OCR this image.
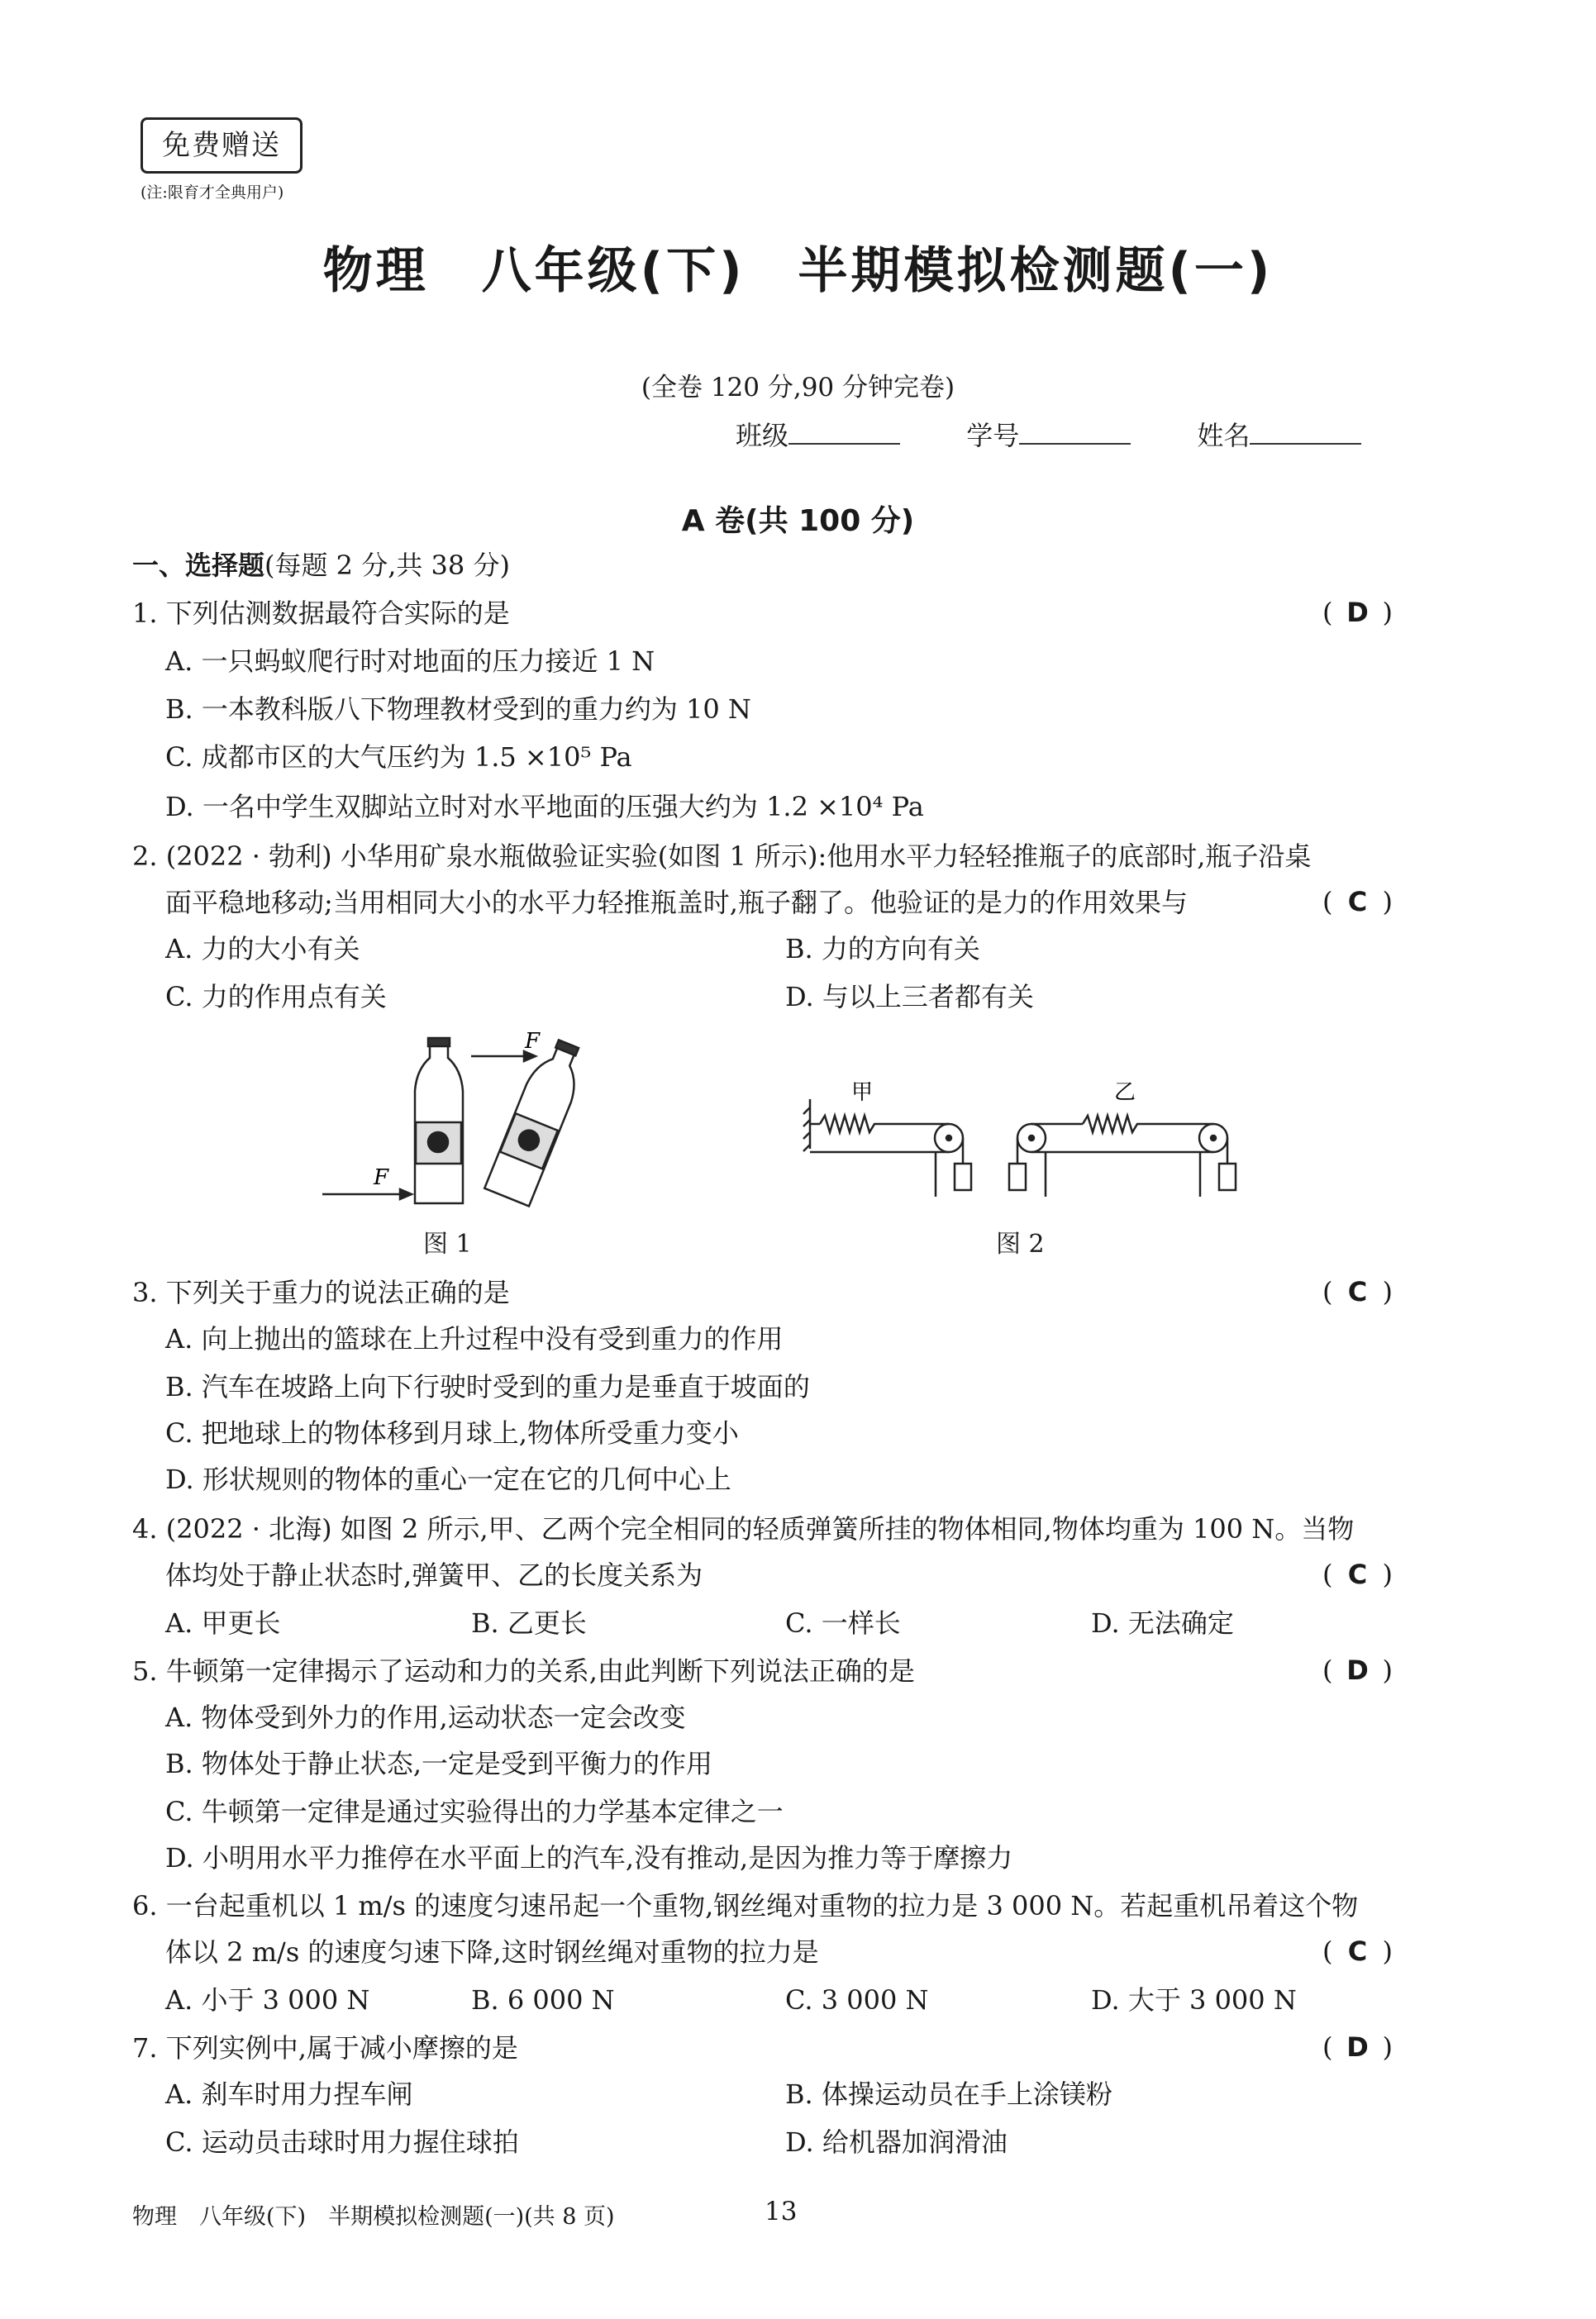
免费赠送
(注:限育才全典用户)
物理　八年级(下)　半期模拟检测题(一)
(全卷 120 分,90 分钟完卷)
班级	学号	姓名
A 卷(共 100 分)
一、选择题(每题 2 分,共 38 分)
1. 下列估测数据最符合实际的是	( D )
A. 一只蚂蚁爬行时对地面的压力接近 1 N
B. 一本教科版八下物理教材受到的重力约为 10 N
C. 成都市区的大气压约为 1.5 ×10⁵ Pa
D. 一名中学生双脚站立时对水平地面的压强大约为 1.2 ×10⁴ Pa
2. (2022 · 勃利) 小华用矿泉水瓶做验证实验(如图 1 所示):他用水平力轻轻推瓶子的底部时,瓶子沿桌
面平稳地移动;当用相同大小的水平力轻推瓶盖时,瓶子翻了。他验证的是力的作用效果与	( C )
A. 力的大小有关	B. 力的方向有关
C. 力的作用点有关	D. 与以上三者都有关
F
F
图 1
甲	乙
图 2
3. 下列关于重力的说法正确的是	( C )
A. 向上抛出的篮球在上升过程中没有受到重力的作用
B. 汽车在坡路上向下行驶时受到的重力是垂直于坡面的
C. 把地球上的物体移到月球上,物体所受重力变小
D. 形状规则的物体的重心一定在它的几何中心上
4. (2022 · 北海) 如图 2 所示,甲、乙两个完全相同的轻质弹簧所挂的物体相同,物体均重为 100 N。当物
体均处于静止状态时,弹簧甲、乙的长度关系为	( C )
A. 甲更长	B. 乙更长	C. 一样长	D. 无法确定
5. 牛顿第一定律揭示了运动和力的关系,由此判断下列说法正确的是	( D )
A. 物体受到外力的作用,运动状态一定会改变
B. 物体处于静止状态,一定是受到平衡力的作用
C. 牛顿第一定律是通过实验得出的力学基本定律之一
D. 小明用水平力推停在水平面上的汽车,没有推动,是因为推力等于摩擦力
6. 一台起重机以 1 m/s 的速度匀速吊起一个重物,钢丝绳对重物的拉力是 3 000 N。若起重机吊着这个物
体以 2 m/s 的速度匀速下降,这时钢丝绳对重物的拉力是	( C )
A. 小于 3 000 N	B. 6 000 N	C. 3 000 N	D. 大于 3 000 N
7. 下列实例中,属于减小摩擦的是	( D )
A. 刹车时用力捏车闸	B. 体操运动员在手上涂镁粉
C. 运动员击球时用力握住球拍	D. 给机器加润滑油
物理　八年级(下)　半期模拟检测题(一)(共 8 页)	13
